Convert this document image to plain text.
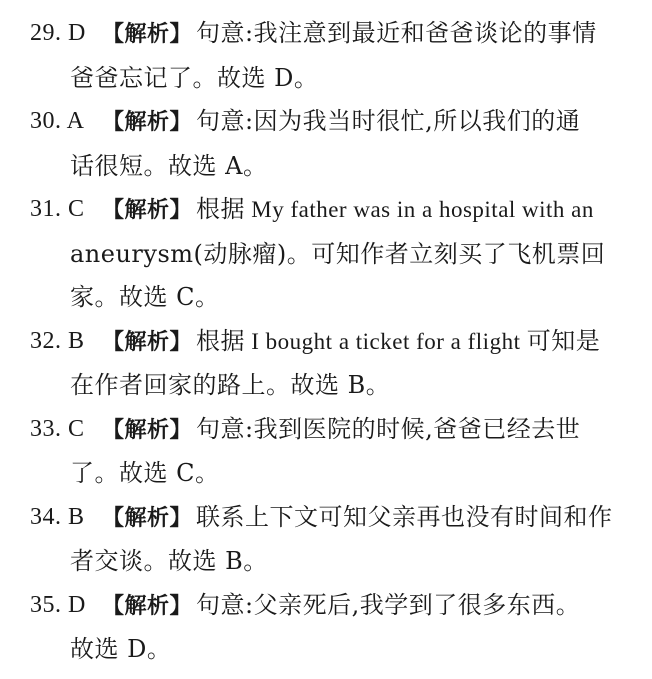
29. D 【解析】 句意:我注意到最近和爸爸谈论的事情
爸爸忘记了。故选 D。
30. A 【解析】 句意:因为我当时很忙,所以我们的通
话很短。故选 A。
31. C 【解析】 根据 My father was in a hospital with an
aneurysm(动脉瘤)。可知作者立刻买了飞机票回
家。故选 C。
32. B 【解析】 根据 I bought a ticket for a flight 可知是
在作者回家的路上。故选 B。
33. C 【解析】 句意:我到医院的时候,爸爸已经去世
了。故选 C。
34. B 【解析】 联系上下文可知父亲再也没有时间和作
者交谈。故选 B。
35. D 【解析】 句意:父亲死后,我学到了很多东西。
故选 D。
